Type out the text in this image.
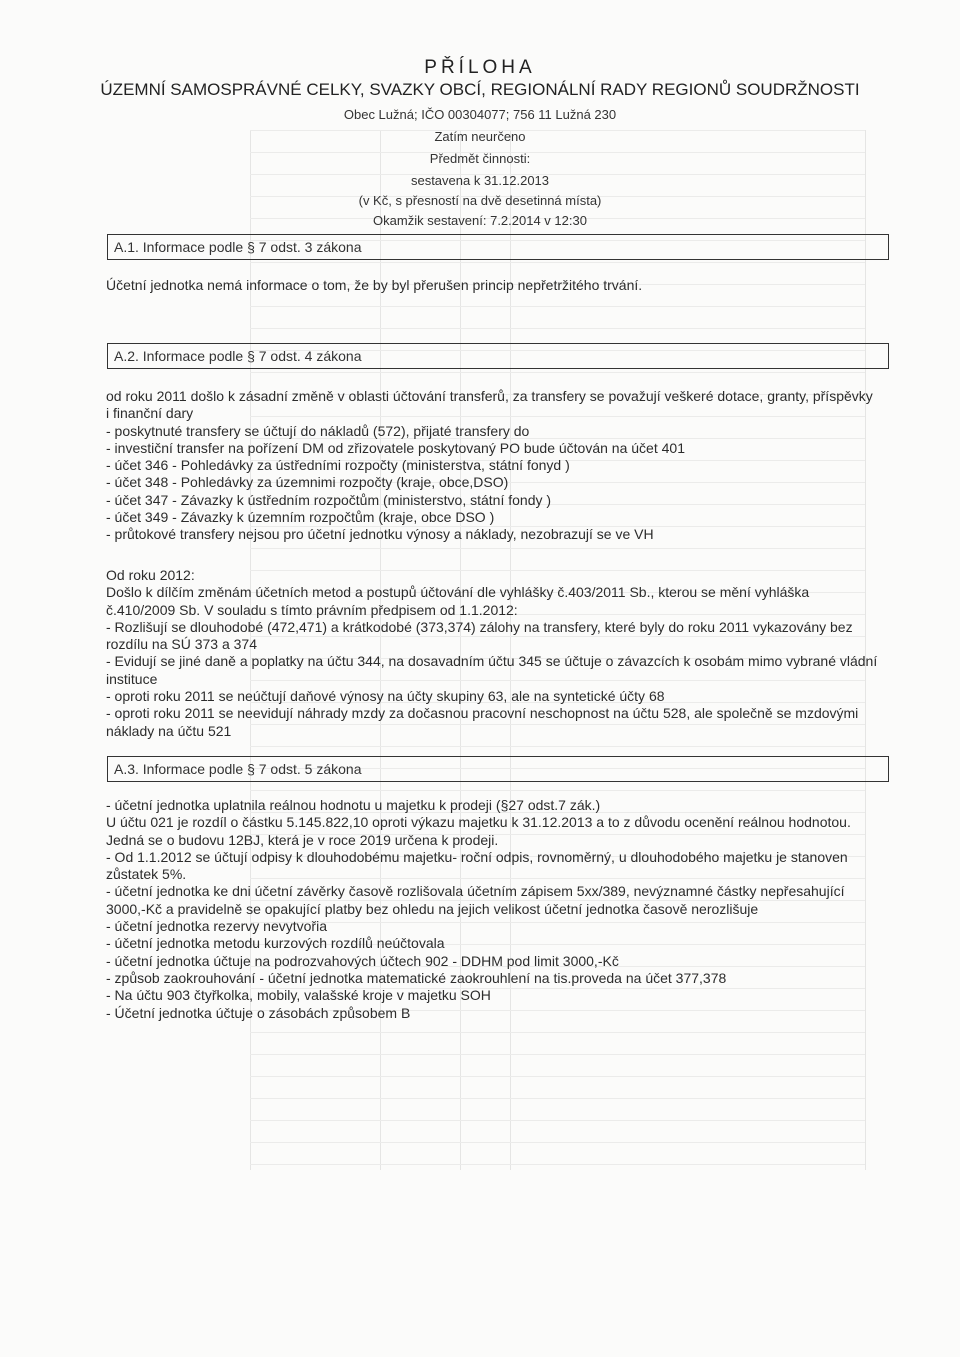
PŘÍLOHA
ÚZEMNÍ SAMOSPRÁVNÉ CELKY, SVAZKY OBCÍ, REGIONÁLNÍ RADY REGIONŮ SOUDRŽNOSTI
Obec Lužná; IČO 00304077; 756 11 Lužná 230
Zatím neurčeno
Předmět činnosti:
sestavena k 31.12.2013
(v Kč, s přesností na dvě desetinná místa)
Okamžik sestavení: 7.2.2014 v 12:30
A.1. Informace podle § 7 odst. 3 zákona

Účetní jednotka nemá informace o tom, že by byl přerušen princip nepřetržitého trvání.

A.2. Informace podle § 7 odst. 4 zákona

od roku 2011 došlo k zásadní změně v oblasti účtování transferů, za transfery se považují veškeré dotace, granty, příspěvky

i finanční dary

- poskytnuté transfery se účtují do nákladů (572), přijaté transfery do

- investiční transfer na pořízení DM od zřizovatele poskytovaný PO bude účtován na účet 401

- účet 346 - Pohledávky za ústředními rozpočty (ministerstva, státní fonyd )

- účet 348 - Pohledávky za územnimi rozpočty (kraje, obce,DSO)

- účet 347 - Závazky k ústředním rozpočtům (ministerstvo, státní fondy )

- účet 349 - Závazky k územním rozpočtům (kraje, obce DSO )

- průtokové transfery nejsou pro účetní jednotku výnosy a náklady, nezobrazují se ve VH

Od roku 2012:

Došlo k dílčím změnám účetních metod a postupů účtování dle vyhlášky č.403/2011 Sb., kterou se mění vyhláška

č.410/2009 Sb. V souladu s tímto právním předpisem od 1.1.2012:

- Rozlišují se dlouhodobé (472,471) a krátkodobé (373,374) zálohy na transfery, které byly do roku 2011 vykazovány bez

rozdílu na SÚ 373 a 374

- Evidují se jiné daně a poplatky na účtu 344, na dosavadním účtu 345 se účtuje o závazcích k osobám mimo vybrané vládní

instituce

- oproti roku 2011 se neúčtují daňové výnosy na účty skupiny 63, ale na syntetické účty 68

- oproti roku 2011 se neevidují náhrady mzdy za dočasnou pracovní neschopnost na účtu 528, ale společně se mzdovými

náklady na účtu 521

A.3. Informace podle § 7 odst. 5 zákona

- účetní jednotka uplatnila reálnou hodnotu u majetku k prodeji (§27 odst.7 zák.)

U účtu 021 je rozdíl o částku 5.145.822,10 oproti výkazu majetku k 31.12.2013 a to z důvodu ocenění reálnou hodnotou.

Jedná se o budovu 12BJ, která je v roce 2019 určena k prodeji.

- Od 1.1.2012 se účtují odpisy k dlouhodobému majetku- roční odpis, rovnoměrný, u dlouhodobého majetku je stanoven

zůstatek 5%.

- účetní jednotka ke dni účetní závěrky časově rozlišovala účetním zápisem 5xx/389, nevýznamné částky nepřesahující

3000,-Kč a pravidelně se opakující platby bez ohledu na jejich velikost účetní jednotka časově nerozlišuje

- účetní jednotka rezervy nevytvořia

- účetní jednotka metodu kurzových rozdílů neúčtovala

- účetní jednotka účtuje na podrozvahových účtech 902 - DDHM pod limit 3000,-Kč

- způsob zaokrouhování - účetní jednotka matematické zaokrouhlení na tis.proveda na účet 377,378

- Na účtu 903 čtyřkolka, mobily, valašské kroje v majetku SOH

- Účetní jednotka účtuje o zásobách způsobem B
